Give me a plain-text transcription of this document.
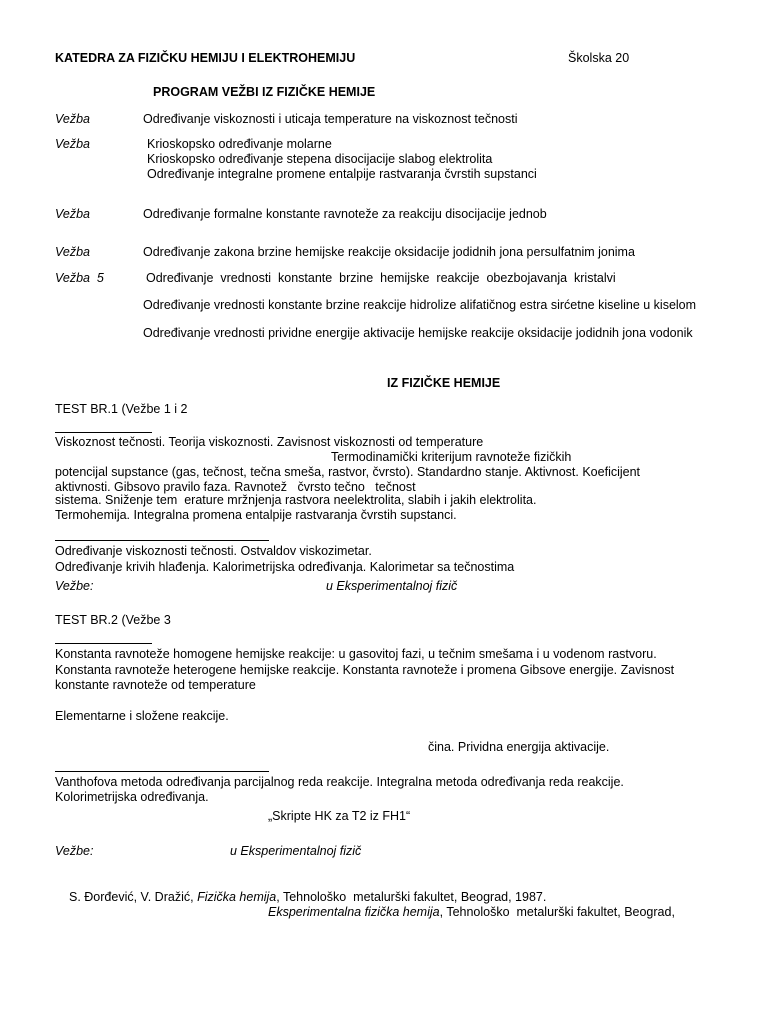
KATEDRA ZA FIZIČKU HEMIJU I ELEKTROHEMIJU	Školska 20
PROGRAM VEŽBI IZ FIZIČKE HEMIJE
Vežba	Određivanje viskoznosti i uticaja temperature na viskoznost tečnosti
Vežba	Krioskopsko određivanje molarne
Krioskopsko određivanje stepena disocijacije slabog elektrolita
Određivanje integralne promene entalpije rastvaranja čvrstih supstanci
Vežba	Određivanje formalne konstante ravnoteže za reakciju disocijacije jednob
Vežba	Određivanje zakona brzine hemijske reakcije oksidacije jodidnih jona persulfatnim jonima
Vežba  5	Određivanje  vrednosti  konstante  brzine  hemijske  reakcije  obezbojavanja  kristalvi
Određivanje vrednosti konstante brzine reakcije hidrolize alifatičnog estra sirćetne kiseline u kiselom
Određivanje vrednosti prividne energije aktivacije hemijske reakcije oksidacije jodidnih jona vodonik
IZ FIZIČKE HEMIJE
TEST BR.1 (Vežbe 1 i 2
Viskoznost tečnosti. Teorija viskoznosti. Zavisnost viskoznosti od temperature
Termodinamički kriterijum ravnoteže fizičkih
potencijal supstance (gas, tečnost, tečna smeša, rastvor, čvrsto). Standardno stanje. Aktivnost. Koeficijent
aktivnosti. Gibsovo pravilo faza. Ravnotež   čvrsto tečno   tečnost
sistema. Sniženje tem  erature mržnjenja rastvora neelektrolita, slabih i jakih elektrolita.
Termohemija. Integralna promena entalpije rastvaranja čvrstih supstanci.
Određivanje viskoznosti tečnosti. Ostvaldov viskozimetar.
Određivanje krivih hlađenja. Kalorimetrijska određivanja. Kalorimetar sa tečnostima
Vežbe:	u Eksperimentalnoj fizič
TEST BR.2 (Vežbe 3
Konstanta ravnoteže homogene hemijske reakcije: u gasovitoj fazi, u tečnim smešama i u vodenom rastvoru.
Konstanta ravnoteže heterogene hemijske reakcije. Konstanta ravnoteže i promena Gibsove energije. Zavisnost
konstante ravnoteže od temperature
Elementarne i složene reakcije.
čina. Prividna energija aktivacije.
Vanthofova metoda određivanja parcijalnog reda reakcije. Integralna metoda određivanja reda reakcije.
Kolorimetrijska određivanja.
„Skripte HK za T2 iz FH1“
Vežbe:	u Eksperimentalnoj fizič
S. Đorđević, V. Dražić, Fizička hemija, Tehnološko  metalurški fakultet, Beograd, 1987.
Eksperimentalna fizička hemija, Tehnološko  metalurški fakultet, Beograd,
